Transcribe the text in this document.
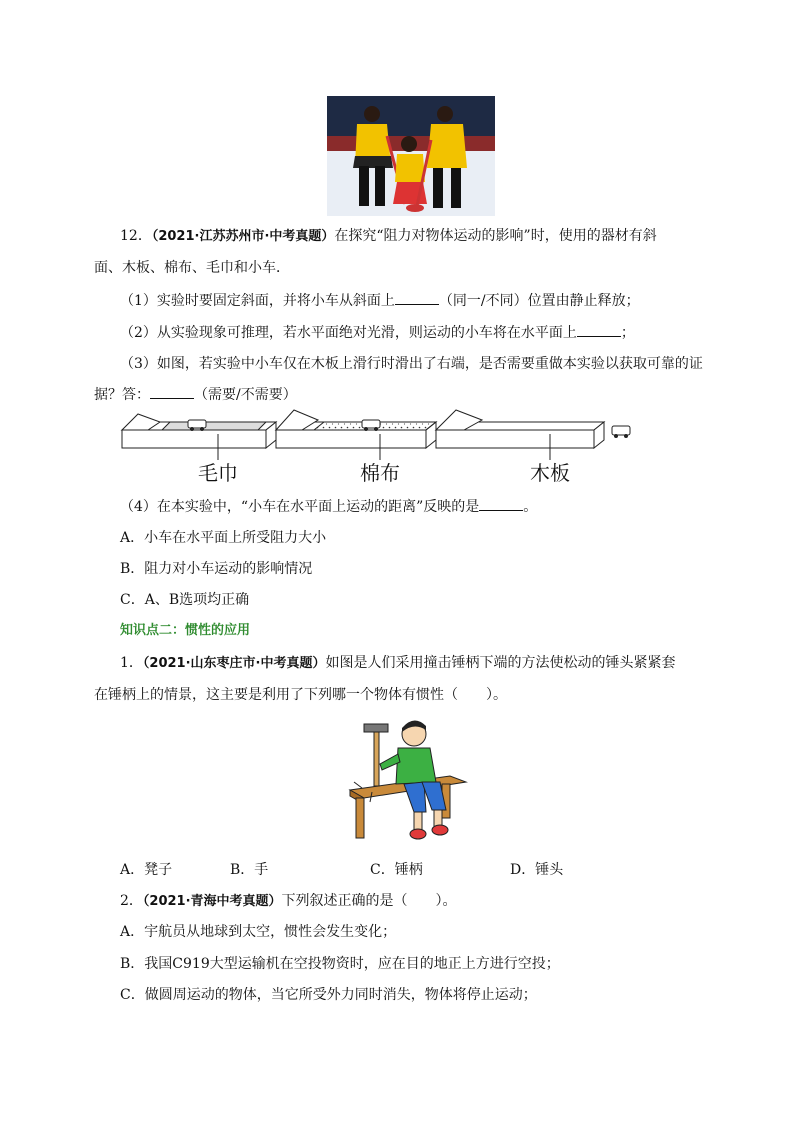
12．（2021·江苏苏州市·中考真题）在探究“阻力对物体运动的影响”时，使用的器材有斜
面、木板、棉布、毛巾和小车．
（1）实验时要固定斜面，并将小车从斜面上	（同一/不同）位置由静止释放；
（2）从实验现象可推理，若水平面绝对光滑，则运动的小车将在水平面上	；
（3）如图，若实验中小车仅在木板上滑行时滑出了右端，是否需要重做本实验以获取可靠的证
据？答：	（需要/不需要）
毛巾	棉布	木板
（4）在本实验中，“小车在水平面上运动的距离”反映的是	。
A．小车在水平面上所受阻力大小
B．阻力对小车运动的影响情况
C．A、B选项均正确
知识点二：惯性的应用
1．（2021·山东枣庄市·中考真题）如图是人们采用撞击锤柄下端的方法使松动的锤头紧紧套
在锤柄上的情景，这主要是利用了下列哪一个物体有惯性（　　）。
A．凳子	B．手	C．锤柄	D．锤头
2．（2021·青海中考真题）下列叙述正确的是（　　）。
A．宇航员从地球到太空，惯性会发生变化；
B．我国C919大型运输机在空投物资时，应在目的地正上方进行空投；
C．做圆周运动的物体，当它所受外力同时消失，物体将停止运动；
